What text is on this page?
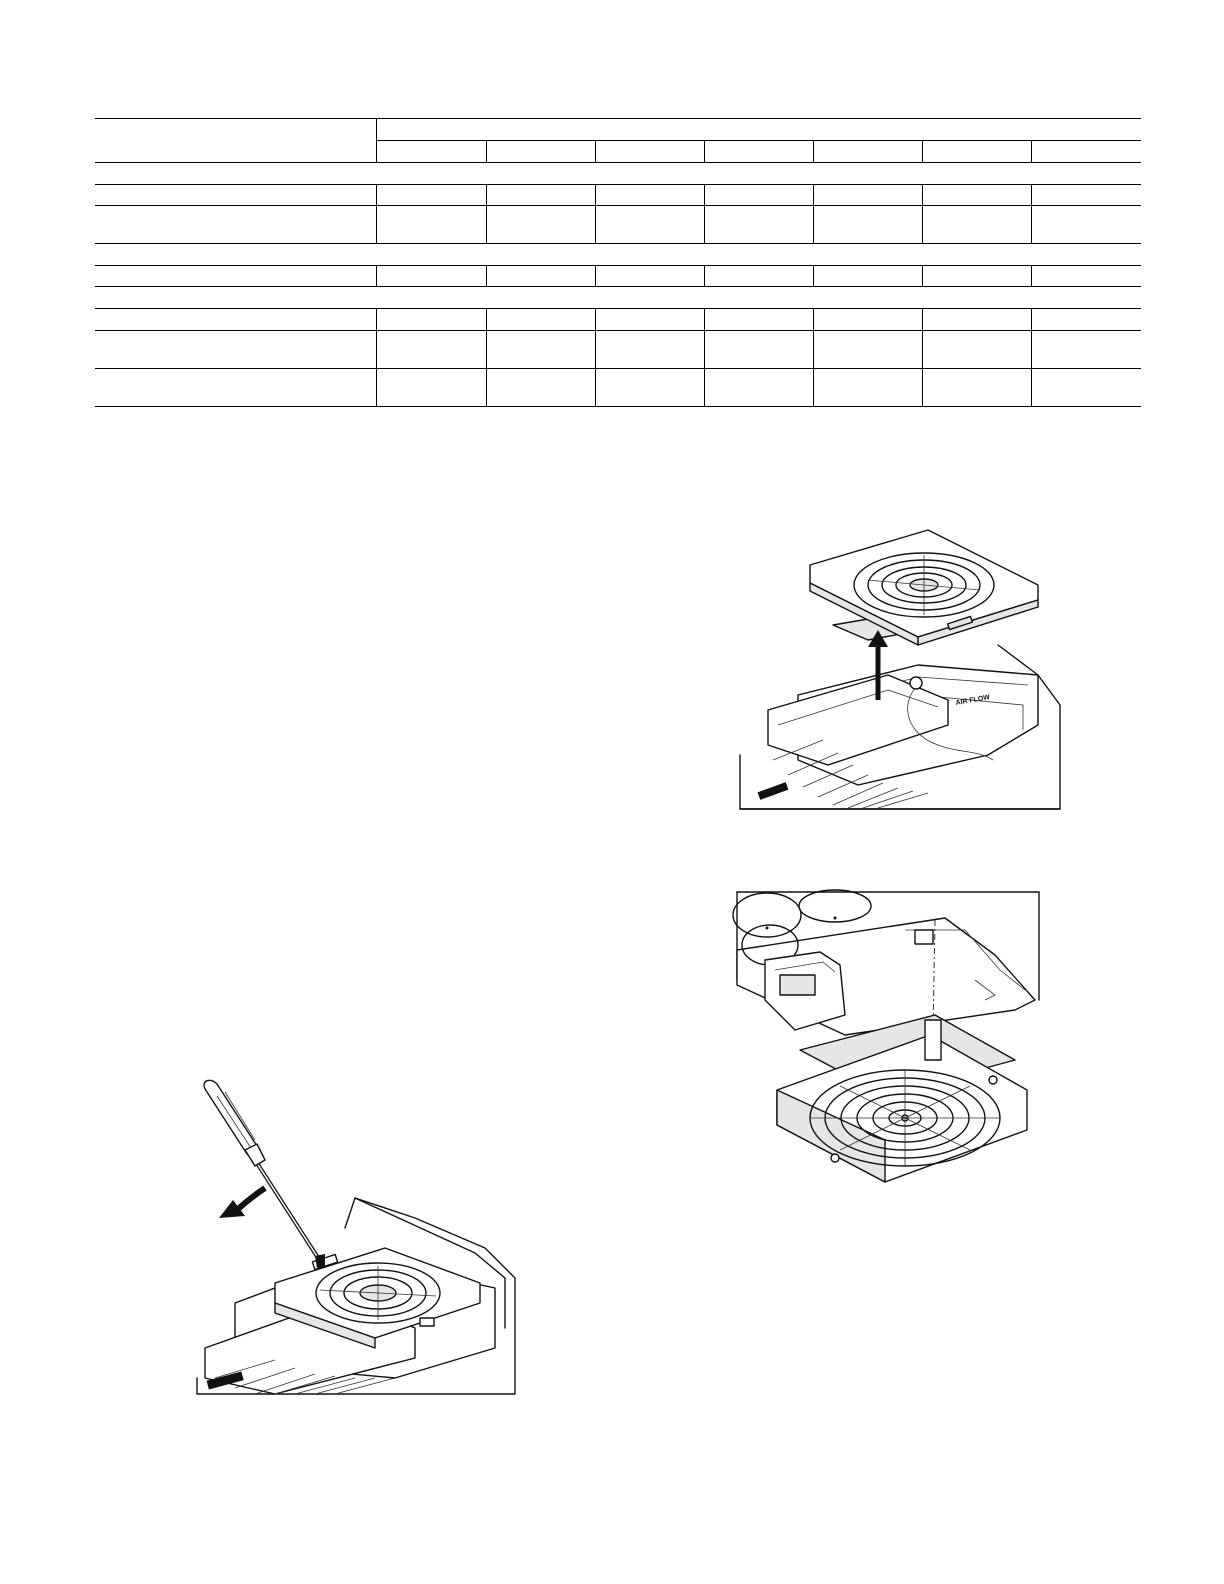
AIR FLOW
